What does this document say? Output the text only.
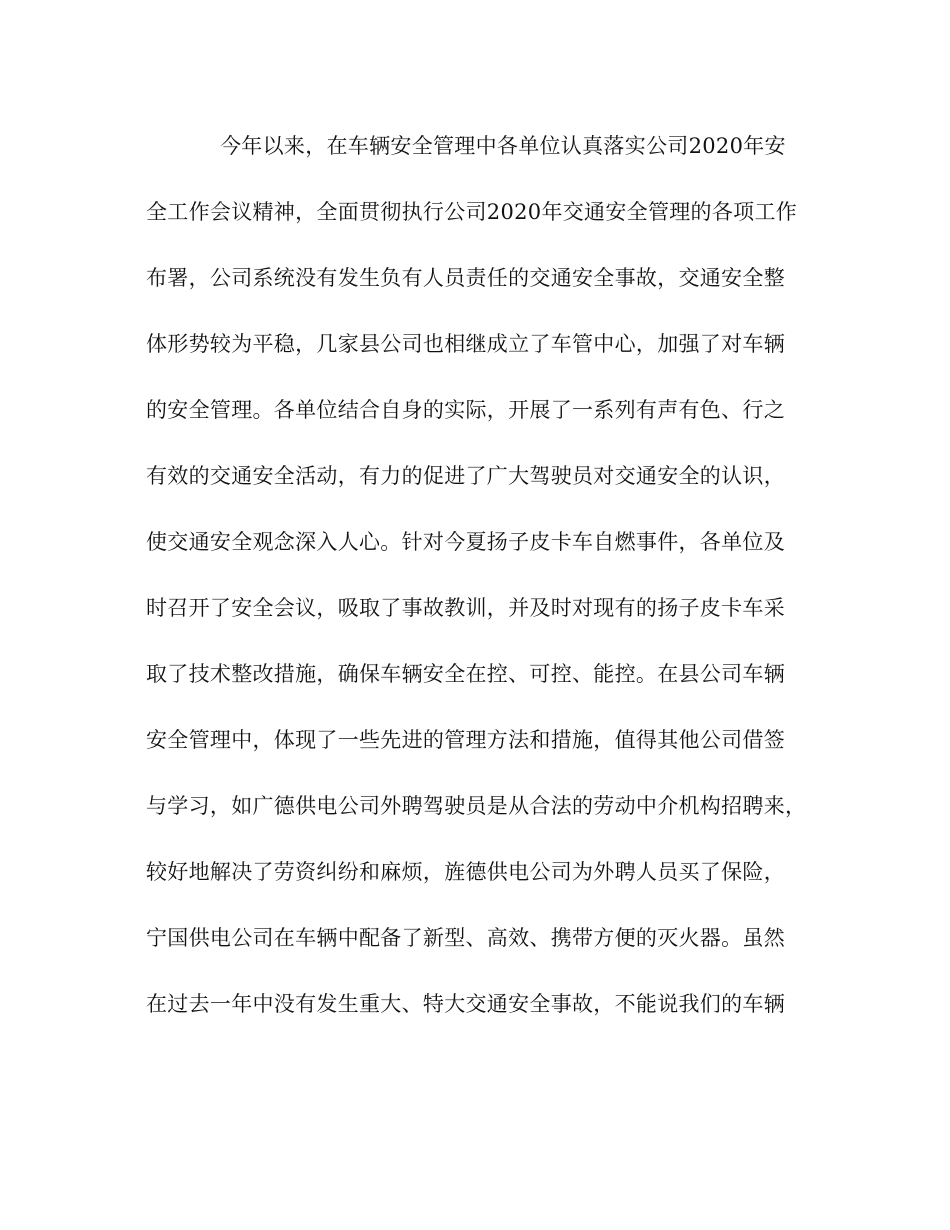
今年以来，在车辆安全管理中各单位认真落实公司2020年安
全工作会议精神，全面贯彻执行公司2020年交通安全管理的各项工作
布署，公司系统没有发生负有人员责任的交通安全事故，交通安全整
体形势较为平稳，几家县公司也相继成立了车管中心，加强了对车辆
的安全管理。各单位结合自身的实际，开展了一系列有声有色、行之
有效的交通安全活动，有力的促进了广大驾驶员对交通安全的认识，
使交通安全观念深入人心。针对今夏扬子皮卡车自燃事件，各单位及
时召开了安全会议，吸取了事故教训，并及时对现有的扬子皮卡车采
取了技术整改措施，确保车辆安全在控、可控、能控。在县公司车辆
安全管理中，体现了一些先进的管理方法和措施，值得其他公司借签
与学习，如广德供电公司外聘驾驶员是从合法的劳动中介机构招聘来，
较好地解决了劳资纠纷和麻烦，旌德供电公司为外聘人员买了保险，
宁国供电公司在车辆中配备了新型、高效、携带方便的灭火器。虽然
在过去一年中没有发生重大、特大交通安全事故，不能说我们的车辆
